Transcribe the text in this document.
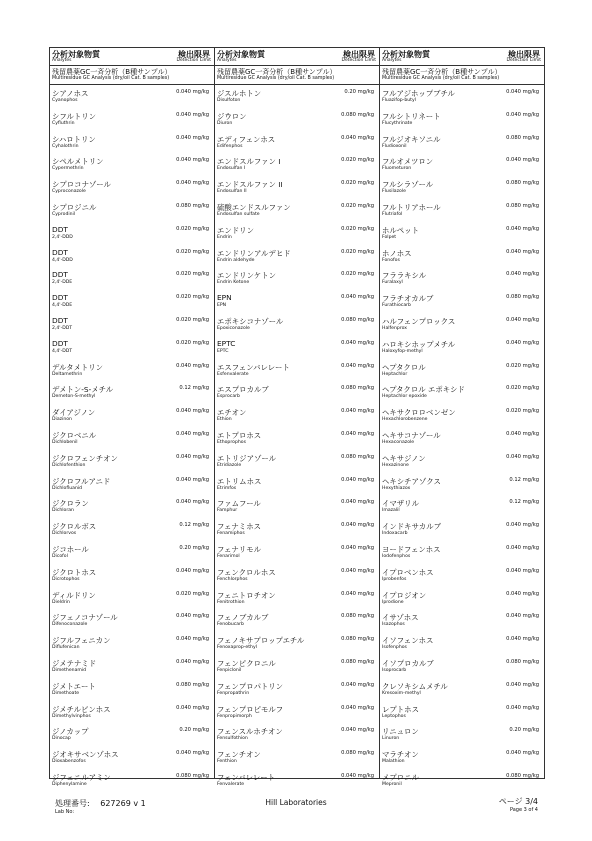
分析対象物質
Analytes
検出限界
Detection Limit
残留農薬GC一斉分析（B種サンプル）
Multiresidue GC Analysis (dry/oil Cat. B samples)
シアノホス
Cyanophos
0.040 mg/kg
シフルトリン
Cyfluthrin
0.040 mg/kg
シハロトリン
Cyhalothrin
0.040 mg/kg
シペルメトリン
Cypermethrin
0.040 mg/kg
シプロコナゾール
Cyproconazole
0.040 mg/kg
シプロジニル
Cyprodinil
0.080 mg/kg
DDT
2,4'-DDD
0.020 mg/kg
DDT
4,4'-DDD
0.020 mg/kg
DDT
2,4'-DDE
0.020 mg/kg
DDT
4,4'-DDE
0.020 mg/kg
DDT
2,4'-DDT
0.020 mg/kg
DDT
4,4'-DDT
0.020 mg/kg
デルタメトリン
Deltamethrin
0.040 mg/kg
デメトン-S-メチル
Demeton-S-methyl
0.12 mg/kg
ダイアジノン
Diazinon
0.040 mg/kg
ジクロベニル
Dichlobenil
0.040 mg/kg
ジクロフェンチオン
Dichlofenthion
0.040 mg/kg
ジクロフルアニド
Dichlofluanid
0.040 mg/kg
ジクロラン
Dichloran
0.040 mg/kg
ジクロルボス
Dichlorvos
0.12 mg/kg
ジコホール
Dicofol
0.20 mg/kg
ジクロトホス
Dicrotophos
0.040 mg/kg
ディルドリン
Dieldrin
0.020 mg/kg
ジフェノコナゾール
Difenoconazole
0.040 mg/kg
ジフルフェニカン
Diflufenican
0.040 mg/kg
ジメテナミド
Dimethenamid
0.040 mg/kg
ジメトエート
Dimethoate
0.080 mg/kg
ジメチルビンホス
Dimethylvinphos
0.040 mg/kg
ジノカップ
Dinocap
0.20 mg/kg
ジオキサベンゾホス
Dioxabenzofos
0.040 mg/kg
ジフェニルアミン
Diphenylamine
0.080 mg/kg
分析対象物質
Analytes
検出限界
Detection Limit
残留農薬GC一斉分析（B種サンプル）
Multiresidue GC Analysis (dry/oil Cat. B samples)
ジスルホトン
Disulfoton
0.20 mg/kg
ジウロン
Diuron
0.080 mg/kg
エディフェンホス
Edifenphos
0.040 mg/kg
エンドスルファン I
Endosulfan I
0.020 mg/kg
エンドスルファン II
Endosulfan II
0.020 mg/kg
硫酸エンドスルファン
Endosulfan sulfate
0.020 mg/kg
エンドリン
Endrin
0.020 mg/kg
エンドリンアルデヒド
Endrin aldehyde
0.020 mg/kg
エンドリンケトン
Endrin Ketone
0.020 mg/kg
EPN
EPN
0.040 mg/kg
エポキシコナゾール
Epoxiconazole
0.080 mg/kg
EPTC
EPTC
0.040 mg/kg
エスフェンバレレート
Esfenvalerate
0.040 mg/kg
エスプロカルブ
Esprocarb
0.080 mg/kg
エチオン
Ethion
0.040 mg/kg
エトプロホス
Ethoprophos
0.040 mg/kg
エトリジアゾール
Etridiazole
0.080 mg/kg
エトリムホス
Etrimfos
0.040 mg/kg
ファムフール
Famphur
0.040 mg/kg
フェナミホス
Fenamiphos
0.040 mg/kg
フェナリモル
Fenarimol
0.040 mg/kg
フェンクロルホス
Fenchlorphos
0.040 mg/kg
フェニトロチオン
Fenitrothion
0.040 mg/kg
フェノブカルブ
Fenobucarb
0.080 mg/kg
フェノキサプロップエチル
Fenoxaprop-ethyl
0.080 mg/kg
フェンピクロニル
Fenpiclonil
0.080 mg/kg
フェンプロパトリン
Fenpropathrin
0.040 mg/kg
フェンプロピモルフ
Fenpropimorph
0.040 mg/kg
フェンスルホチオン
Fensulfothion
0.040 mg/kg
フェンチオン
Fenthion
0.080 mg/kg
フェンバレレート
Fenvalerate
0.040 mg/kg
分析対象物質
Analytes
検出限界
Detection Limit
残留農薬GC一斉分析（B種サンプル）
Multiresidue GC Analysis (dry/oil Cat. B samples)
フルアジホップブチル
Fluazifop-butyl
0.040 mg/kg
フルシトリネート
Flucythrinate
0.040 mg/kg
フルジオキソニル
Fludioxonil
0.080 mg/kg
フルオメツロン
Fluometuron
0.040 mg/kg
フルシラゾール
Flusilazole
0.080 mg/kg
フルトリアホール
Flutriafol
0.080 mg/kg
ホルペット
Folpet
0.040 mg/kg
ホノホス
Fonofos
0.040 mg/kg
フララキシル
Furalaxyl
0.040 mg/kg
フラチオカルブ
Furathiocarb
0.080 mg/kg
ハルフェンプロックス
Halfenprox
0.040 mg/kg
ハロキシホップメチル
Haloxyfop-methyl
0.040 mg/kg
ヘプタクロル
Heptachlor
0.020 mg/kg
ヘプタクロル エポキシド
Heptachlor epoxide
0.020 mg/kg
ヘキサクロロベンゼン
Hexachlorobenzene
0.020 mg/kg
ヘキサコナゾール
Hexaconazole
0.040 mg/kg
ヘキサジノン
Hexazinone
0.040 mg/kg
ヘキシチアゾクス
Hexythiazox
0.12 mg/kg
イマザリル
Imazalil
0.12 mg/kg
インドキサカルブ
Indoxacarb
0.040 mg/kg
ヨードフェンホス
Iodofenphos
0.040 mg/kg
イプロベンホス
Iprobenfos
0.040 mg/kg
イプロジオン
Iprodione
0.040 mg/kg
イサゾホス
Isazophos
0.040 mg/kg
イソフェンホス
Isofenphos
0.040 mg/kg
イソプロカルブ
Isoprocarb
0.080 mg/kg
クレソキシムメチル
Kresoxim-methyl
0.040 mg/kg
レプトホス
Leptophos
0.040 mg/kg
リニュロン
Linuron
0.20 mg/kg
マラチオン
Malathion
0.040 mg/kg
メプロニル
Mepronil
0.080 mg/kg
処理番号: 627269 v 1
Lab No:
Hill Laboratories	ページ 3/4
Page 3 of 4
